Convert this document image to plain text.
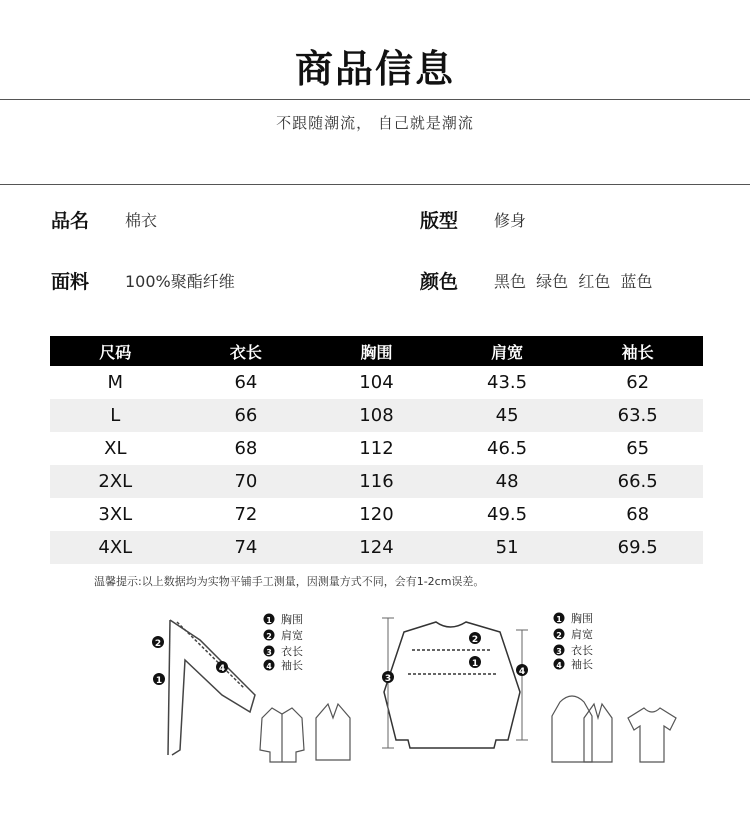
商品信息
不跟随潮流， 自己就是潮流
品名 棉衣	版型 修身
面料 100%聚酯纤维	颜色 黑色  绿色  红色  蓝色
尺码	衣长	胸围	肩宽	袖长
M	64	104	43.5	62
L	66	108	45	63.5
XL	68	112	46.5	65
2XL	70	116	48	66.5
3XL	72	120	49.5	68
4XL	74	124	51	69.5
温馨提示:以上数据均为实物平铺手工测量，因测量方式不同，会有1-2cm误差。
1
2
4
2
1
3
4
1 胸围
2 肩宽
3 衣长
4 袖长
1 胸围
2 肩宽
3 衣长
4 袖长
